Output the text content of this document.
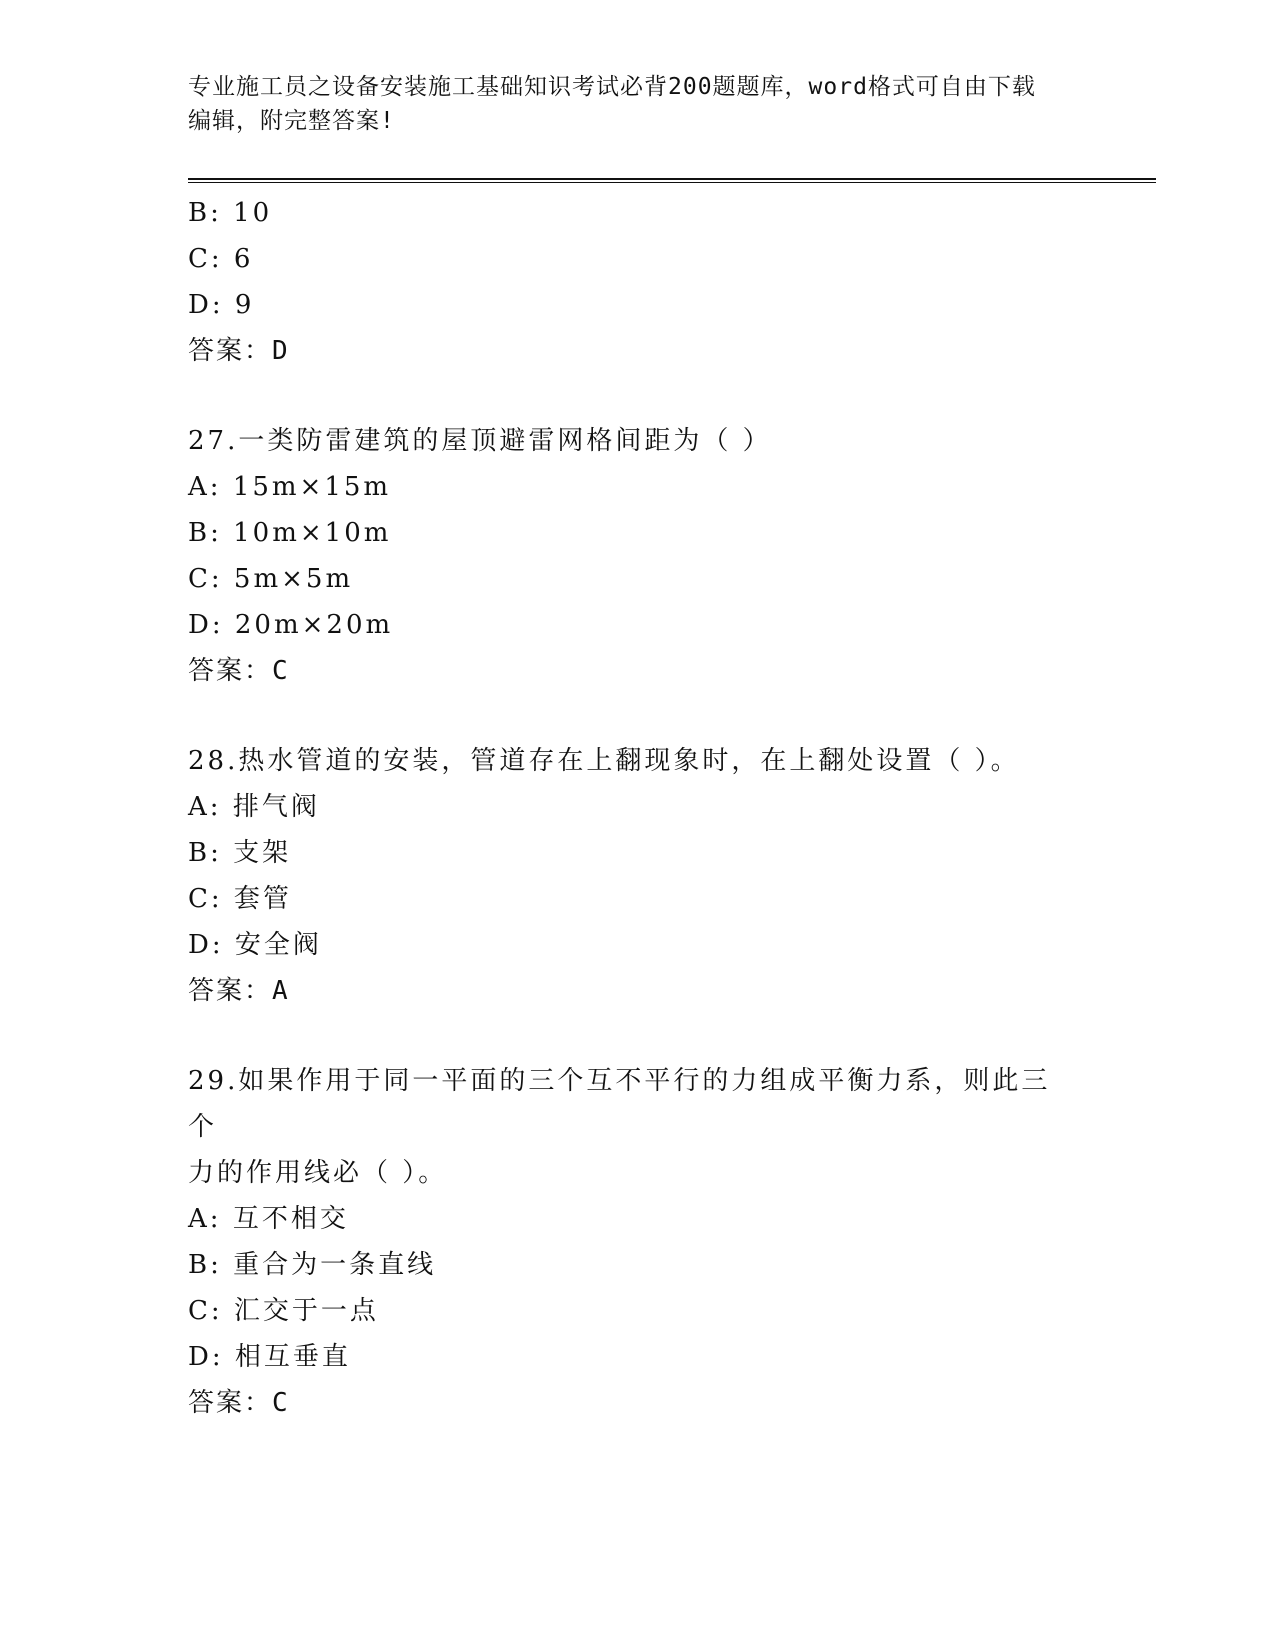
专业施工员之设备安装施工基础知识考试必背200题题库，word格式可自由下载
编辑，附完整答案!
B: 10
C: 6
D: 9
答案：D
27.一类防雷建筑的屋顶避雷网格间距为（ ）
A: 15m×15m
B: 10m×10m
C: 5m×5m
D: 20m×20m
答案：C
28.热水管道的安装，管道存在上翻现象时，在上翻处设置（ ）。
A: 排气阀
B: 支架
C: 套管
D: 安全阀
答案：A
29.如果作用于同一平面的三个互不平行的力组成平衡力系，则此三个
力的作用线必（ ）。
A: 互不相交
B: 重合为一条直线
C: 汇交于一点
D: 相互垂直
答案：C
